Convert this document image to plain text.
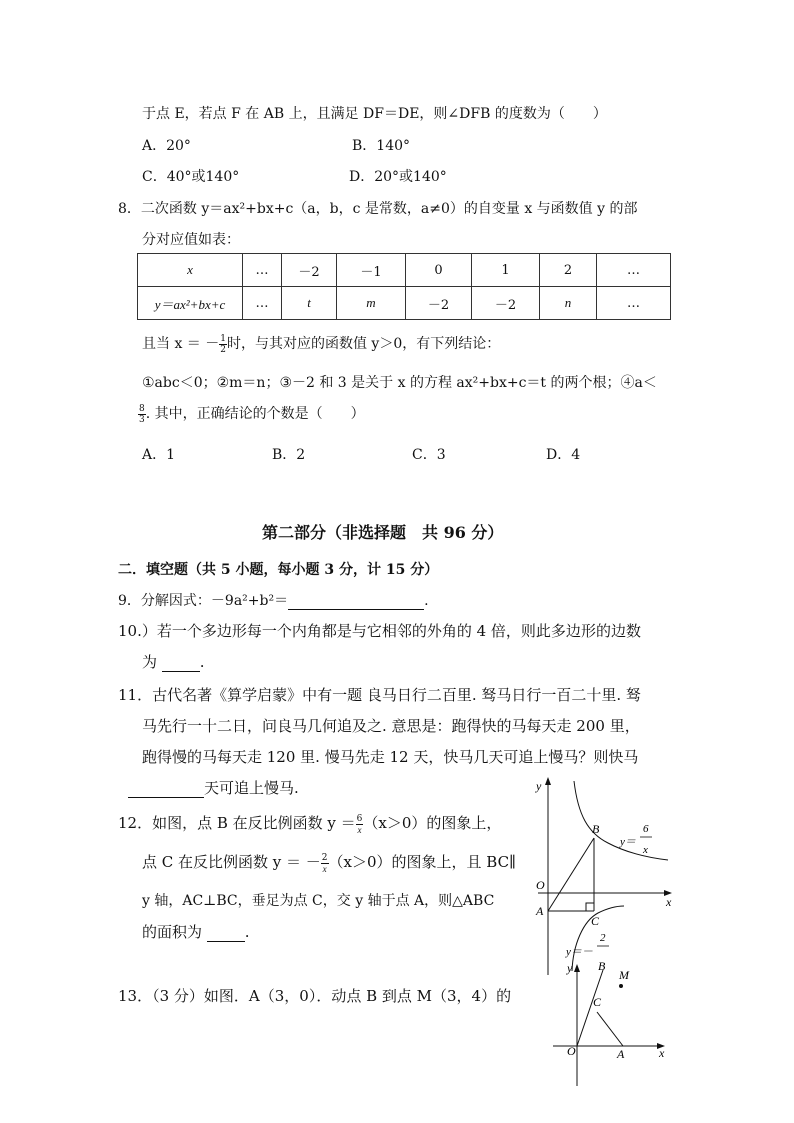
于点 E，若点 F 在 AB 上，且满足 DF＝DE，则∠DFB 的度数为（　　）
A．20°	B．140°
C．40°或140°	D．20°或140°
8．二次函数 y＝ax²+bx+c（a，b，c 是常数，a≠0）的自变量 x 与函数值 y 的部
分对应值如表：
x	…	－2	－1	0	1	2	…
y＝ax²+bx+c	…	t	m	－2	－2	n	…
且当 x ＝ － $\frac{1}{2}$ 时，与其对应的函数值 y＞0，有下列结论：
①abc＜0；②m＝n；③－2 和 3 是关于 x 的方程 ax²+bx+c＝t 的两个根；④a＜
$\frac{8}{3}$ . 其中，正确结论的个数是（　　）
A．1	B．2	C．3	D．4
第二部分（非选择题　共 96 分）
二．填空题（共 5 小题，每小题 3 分，计 15 分）
9．分解因式：－9a²+b²＝	.
10.）若一个多边形每一个内角都是与它相邻的外角的 4 倍，则此多边形的边数
为	.
11．古代名著《算学启蒙》中有一题 良马日行二百里. 驽马日行一百二十里. 驽
马先行一十二日，问良马几何追及之. 意思是：跑得快的马每天走 200 里，
跑得慢的马每天走 120 里. 慢马先走 12 天，快马几天可追上慢马？则快马
天可追上慢马.
12．如图，点 B 在反比例函数 $y = \frac{6}{x} (x>0)$的图象上，
点 C 在反比例函数 y ＝ － $\frac{2}{x} (x>0)$的图象上，且 BC∥
y 轴，AC⊥BC，垂足为点 C，交 y 轴于点 A，则△ABC
的面积为	.
13．（3 分）如图．A（3，0）．动点 B 到点 M（3，4）的
y
x
O
A
B
C
y＝
6
x
y＝－
2
y
x
O	A
B
C
M
